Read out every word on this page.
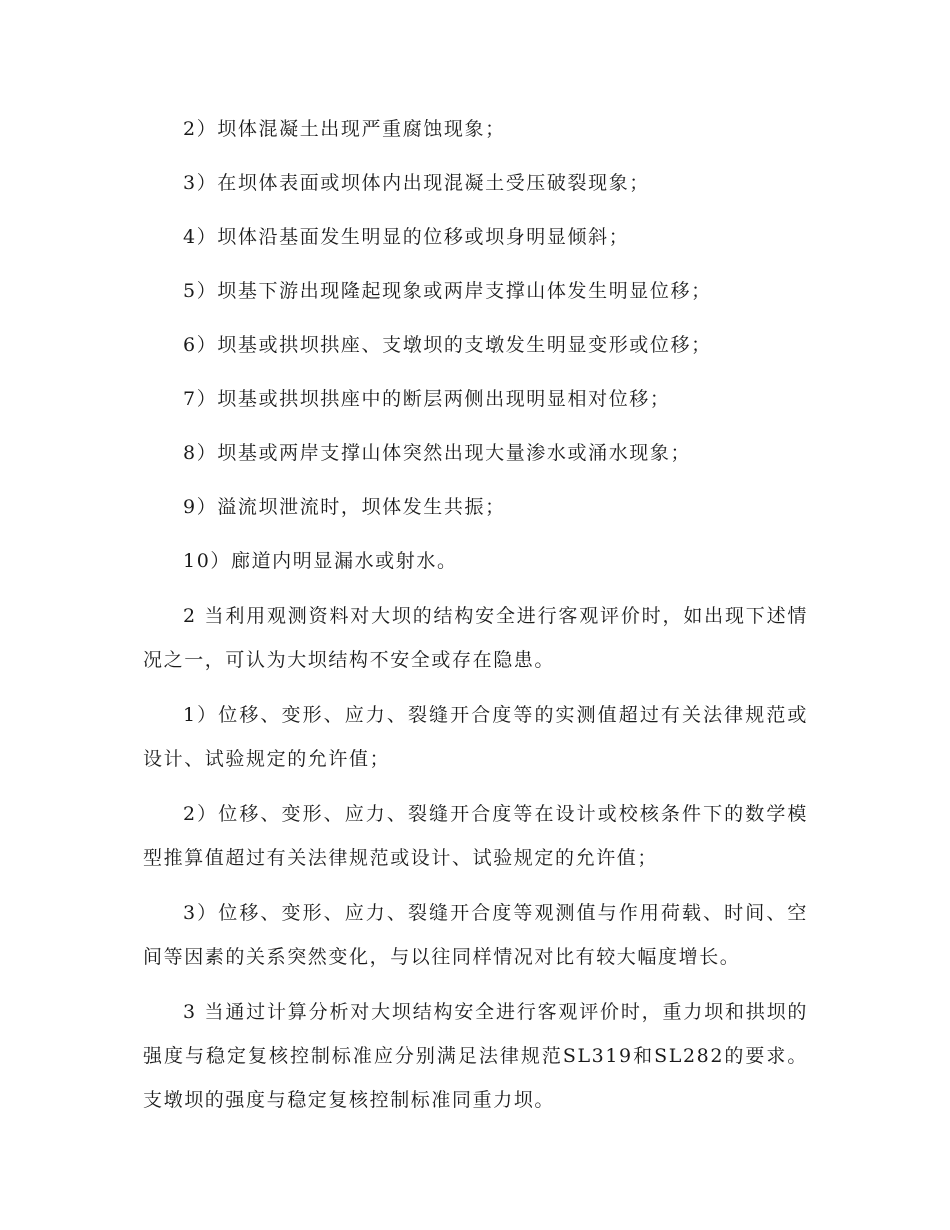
2）坝体混凝土出现严重腐蚀现象；

3）在坝体表面或坝体内出现混凝土受压破裂现象；

4）坝体沿基面发生明显的位移或坝身明显倾斜；

5）坝基下游出现隆起现象或两岸支撑山体发生明显位移；

6）坝基或拱坝拱座、支墩坝的支墩发生明显变形或位移；

7）坝基或拱坝拱座中的断层两侧出现明显相对位移；

8）坝基或两岸支撑山体突然出现大量渗水或涌水现象；

9）溢流坝泄流时，坝体发生共振；

10）廊道内明显漏水或射水。

2 当利用观测资料对大坝的结构安全进行客观评价时，如出现下述情况之一，可认为大坝结构不安全或存在隐患。

1）位移、变形、应力、裂缝开合度等的实测值超过有关法律规范或设计、试验规定的允许值；

2）位移、变形、应力、裂缝开合度等在设计或校核条件下的数学模型推算值超过有关法律规范或设计、试验规定的允许值；

3）位移、变形、应力、裂缝开合度等观测值与作用荷载、时间、空间等因素的关系突然变化，与以往同样情况对比有较大幅度增长。

3 当通过计算分析对大坝结构安全进行客观评价时，重力坝和拱坝的强度与稳定复核控制标准应分别满足法律规范SL319和SL282的要求。支墩坝的强度与稳定复核控制标准同重力坝。
